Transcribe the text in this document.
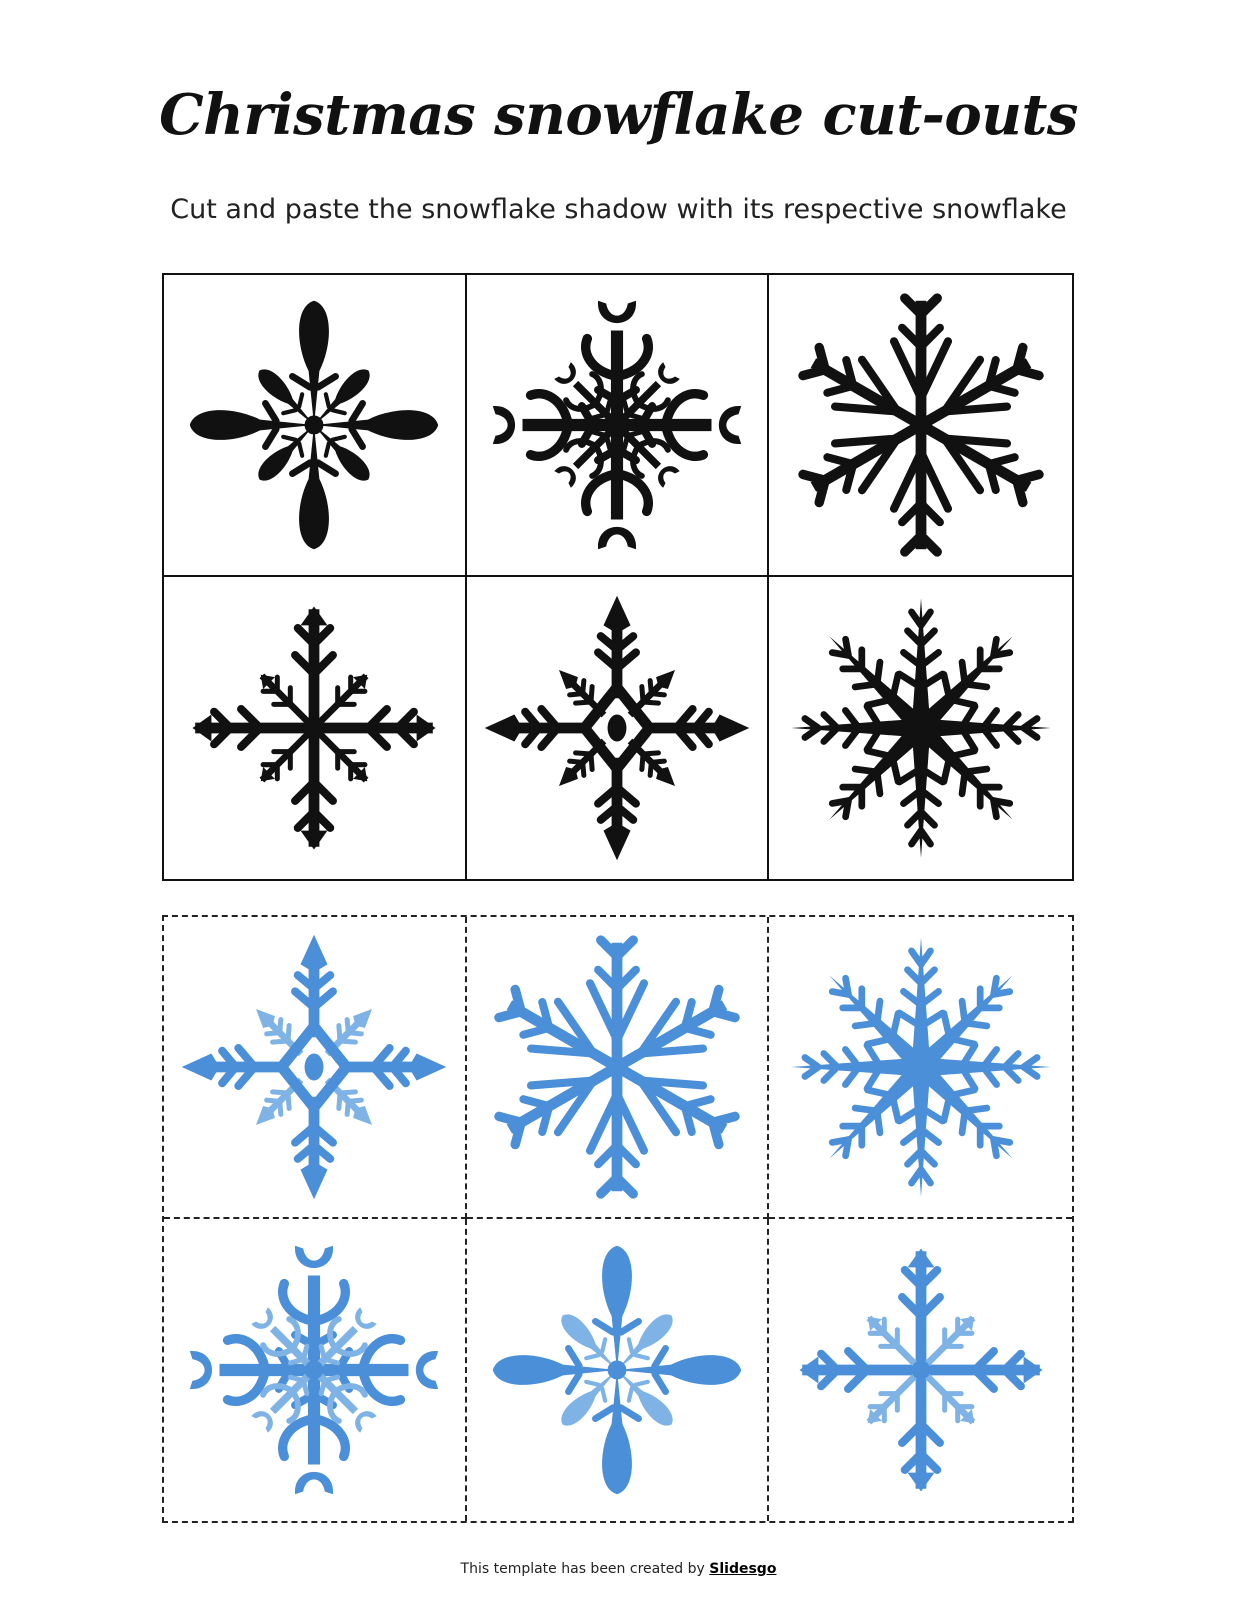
Christmas snowflake cut-outs

Cut and paste the snowflake shadow with its respective snowflake

This template has been created by Slidesgo
